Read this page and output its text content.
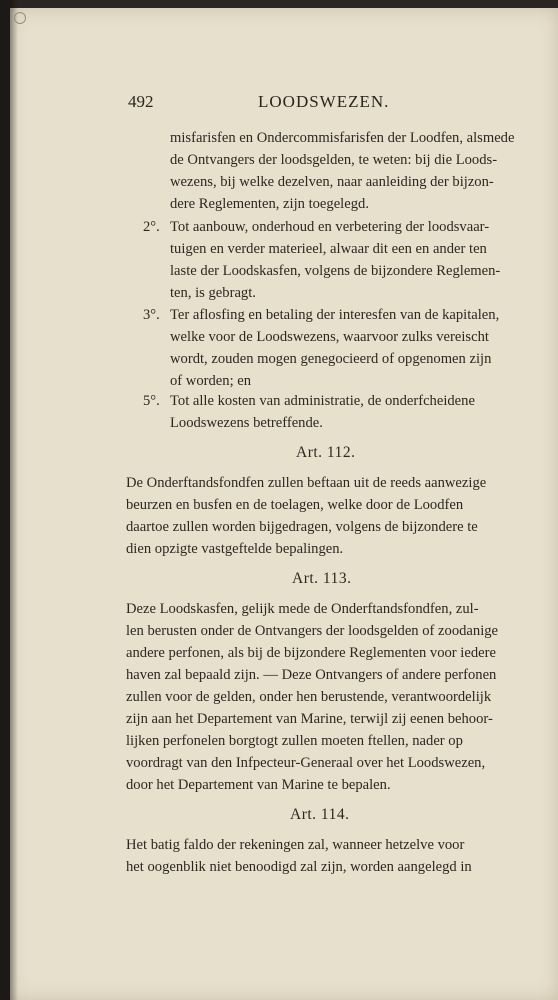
492	LOODSWEZEN.
misfarisfen en Ondercommisfarisfen der Loodfen, alsmede
de Ontvangers der loodsgelden, te weten: bij die Loods-
wezens, bij welke dezelven, naar aanleiding der bijzon-
dere Reglementen, zijn toegelegd.
2°. Tot aanbouw, onderhoud en verbetering der loodsvaar-
tuigen en verder materieel, alwaar dit een en ander ten
laste der Loodskasfen, volgens de bijzondere Reglemen-
ten, is gebragt.
3°. Ter aflosfing en betaling der interesfen van de kapitalen,
welke voor de Loodswezens, waarvoor zulks vereischt
wordt, zouden mogen genegocieerd of opgenomen zijn
of worden; en
5°. Tot alle kosten van administratie, de onderfcheidene
Loodswezens betreffende.
Art. 112.
De Onderftandsfondfen zullen beftaan uit de reeds aanwezige
beurzen en busfen en de toelagen, welke door de Loodfen
daartoe zullen worden bijgedragen, volgens de bijzondere te
dien opzigte vastgeftelde bepalingen.
Art. 113.
Deze Loodskasfen, gelijk mede de Onderftandsfondfen, zul-
len berusten onder de Ontvangers der loodsgelden of zoodanige
andere perfonen, als bij de bijzondere Reglementen voor iedere
haven zal bepaald zijn. — Deze Ontvangers of andere perfonen
zullen voor de gelden, onder hen berustende, verantwoordelijk
zijn aan het Departement van Marine, terwijl zij eenen behoor-
lijken perfonelen borgtogt zullen moeten ftellen, nader op
voordragt van den Infpecteur-Generaal over het Loodswezen,
door het Departement van Marine te bepalen.
Art. 114.
Het batig faldo der rekeningen zal, wanneer hetzelve voor
het oogenblik niet benoodigd zal zijn, worden aangelegd in
